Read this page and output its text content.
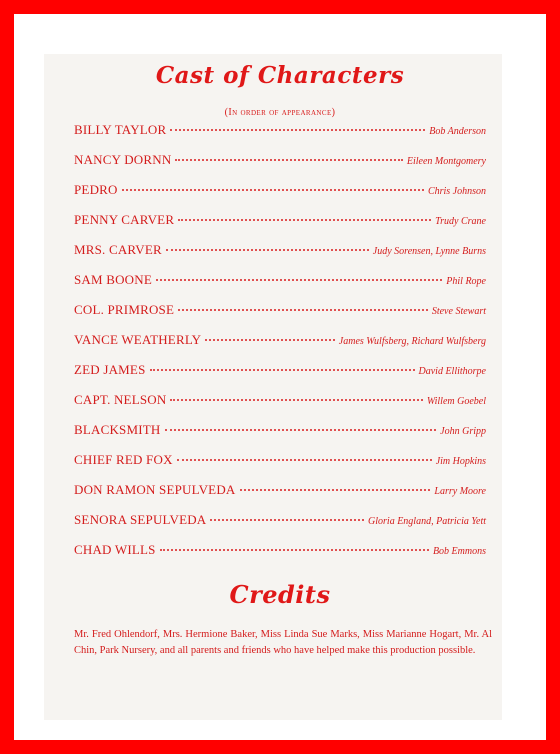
Cast of Characters
(In order of appearance)
BILLY TAYLOR	Bob Anderson
NANCY DORNN	Eileen Montgomery
PEDRO	Chris Johnson
PENNY CARVER	Trudy Crane
MRS. CARVER	Judy Sorensen, Lynne Burns
SAM BOONE	Phil Rope
COL. PRIMROSE	Steve Stewart
VANCE WEATHERLY	James Wulfsberg, Richard Wulfsberg
ZED JAMES	David Ellithorpe
CAPT. NELSON	Willem Goebel
BLACKSMITH	John Gripp
CHIEF RED FOX	Jim Hopkins
DON RAMON SEPULVEDA	Larry Moore
SENORA SEPULVEDA	Gloria England, Patricia Yett
CHAD WILLS	Bob Emmons
Credits
Mr. Fred Ohlendorf, Mrs. Hermione Baker, Miss Linda Sue Marks, Miss Marianne Hogart, Mr. Al Chin, Park Nursery, and all parents and friends who have helped make this production possible.
